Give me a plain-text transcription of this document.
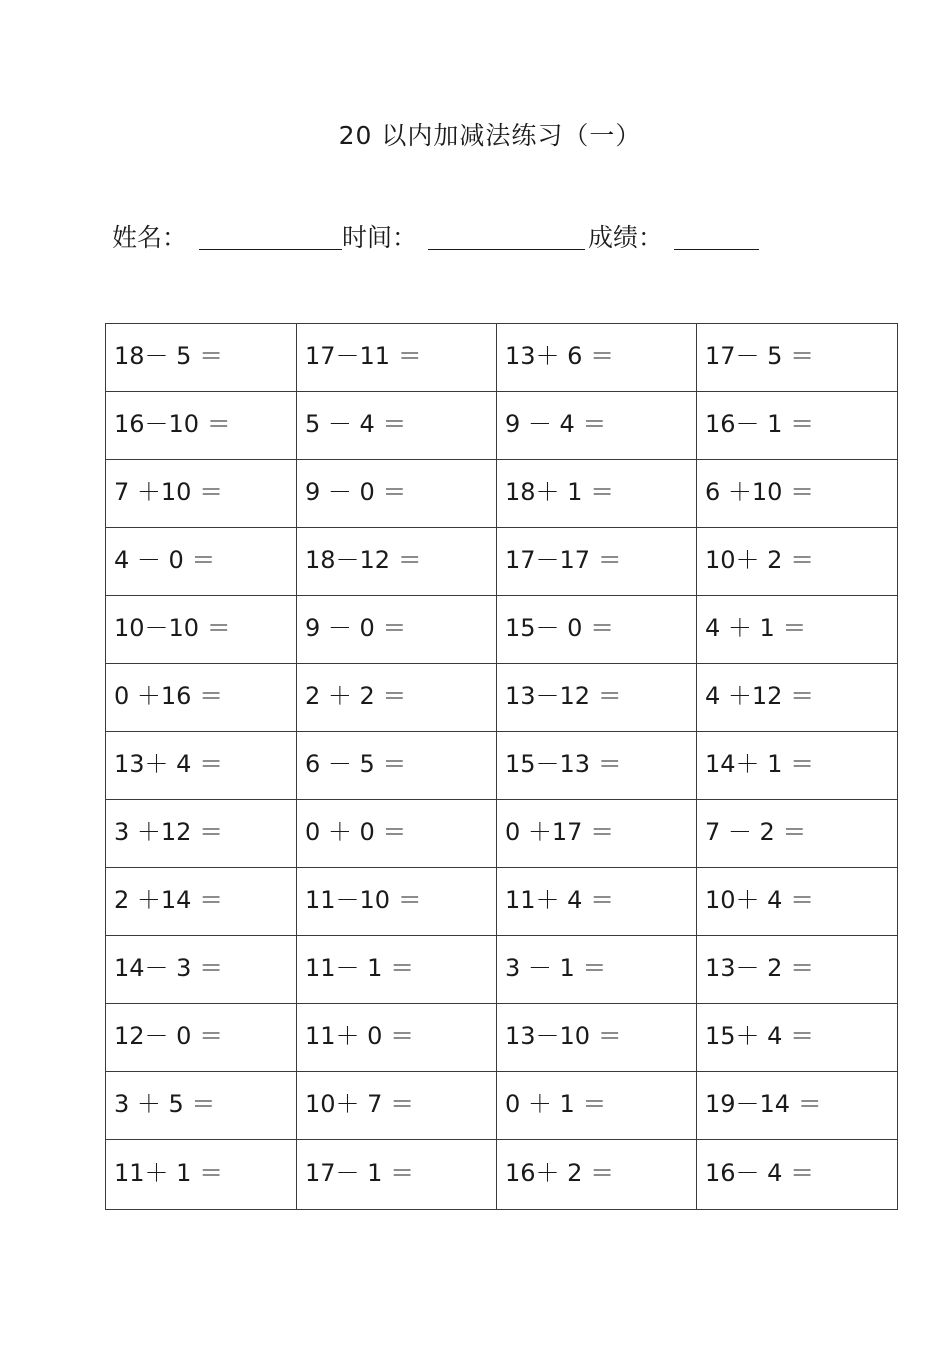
20 以内加减法练习（一）
姓名：	时间：	成绩：
18－ 5 ＝	17－11 ＝	13＋ 6 ＝	17－ 5 ＝
16－10 ＝	5 － 4 ＝	9 － 4 ＝	16－ 1 ＝
7 ＋10 ＝	9 － 0 ＝	18＋ 1 ＝	6 ＋10 ＝
4 － 0 ＝	18－12 ＝	17－17 ＝	10＋ 2 ＝
10－10 ＝	9 － 0 ＝	15－ 0 ＝	4 ＋ 1 ＝
0 ＋16 ＝	2 ＋ 2 ＝	13－12 ＝	4 ＋12 ＝
13＋ 4 ＝	6 － 5 ＝	15－13 ＝	14＋ 1 ＝
3 ＋12 ＝	0 ＋ 0 ＝	0 ＋17 ＝	7 － 2 ＝
2 ＋14 ＝	11－10 ＝	11＋ 4 ＝	10＋ 4 ＝
14－ 3 ＝	11－ 1 ＝	3 － 1 ＝	13－ 2 ＝
12－ 0 ＝	11＋ 0 ＝	13－10 ＝	15＋ 4 ＝
3 ＋ 5 ＝	10＋ 7 ＝	0 ＋ 1 ＝	19－14 ＝
11＋ 1 ＝	17－ 1 ＝	16＋ 2 ＝	16－ 4 ＝
